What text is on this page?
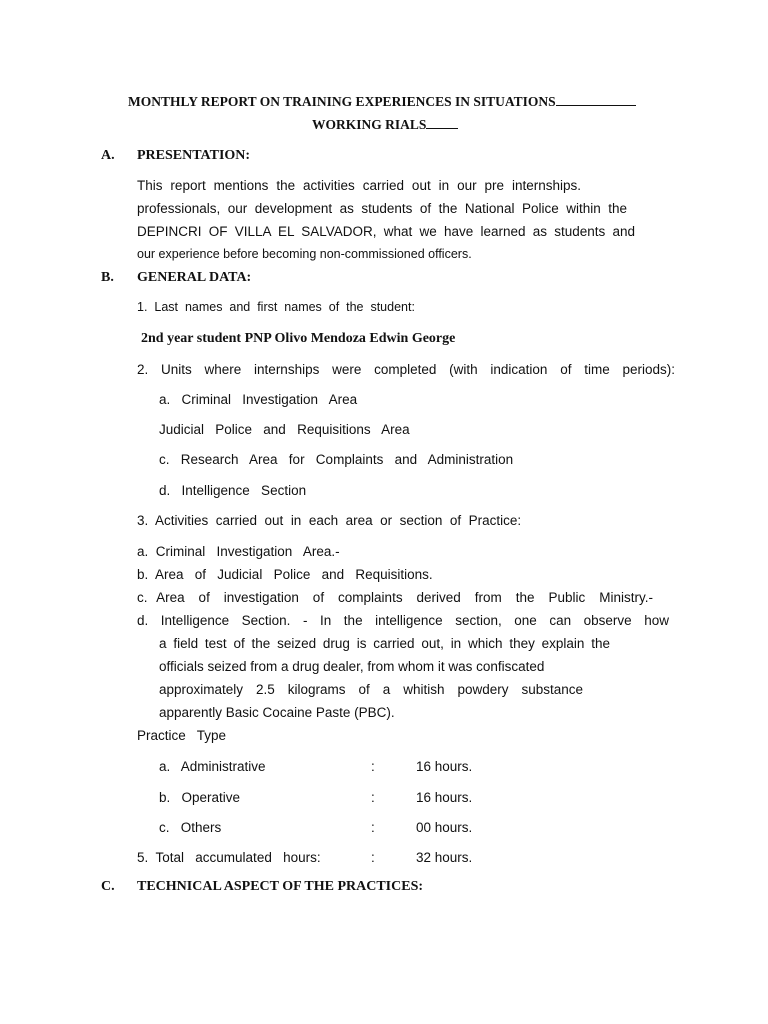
MONTHLY REPORT ON TRAINING EXPERIENCES IN SITUATIONS
WORKING RIALS
A. PRESENTATION:
This report mentions the activities carried out in our pre internships.
professionals, our development as students of the National Police within the
DEPINCRI OF VILLA EL SALVADOR, what we have learned as students and
our experience before becoming non-commissioned officers.
B. GENERAL DATA:
1.  Last  names  and  first  names  of  the  student:
2nd year student PNP Olivo Mendoza Edwin George
2.  Units  where  internships  were  completed  (with  indication  of  time  periods):
a.   Criminal   Investigation   Area
Judicial   Police   and   Requisitions   Area
c.   Research   Area   for   Complaints   and   Administration
d.   Intelligence   Section
3.  Activities  carried  out  in  each  area  or  section  of  Practice:
a.  Criminal   Investigation   Area.-
b.  Area   of   Judicial   Police   and   Requisitions.
c.  Area   of   investigation   of   complaints   derived   from   the   Public   Ministry.-
d.  Intelligence  Section.  -  In  the  intelligence  section,  one  can  observe  how
a field test of the seized drug is carried out, in which they explain the
officials seized from a drug dealer, from whom it was confiscated
approximately   2.5   kilograms   of   a   whitish   powdery   substance
apparently Basic Cocaine Paste (PBC).
Practice   Type
a.   Administrative	:	16 hours.
b.   Operative	:	16 hours.
c.   Others	:	00 hours.
5.  Total   accumulated   hours:	:	32 hours.
C. TECHNICAL ASPECT OF THE PRACTICES:
